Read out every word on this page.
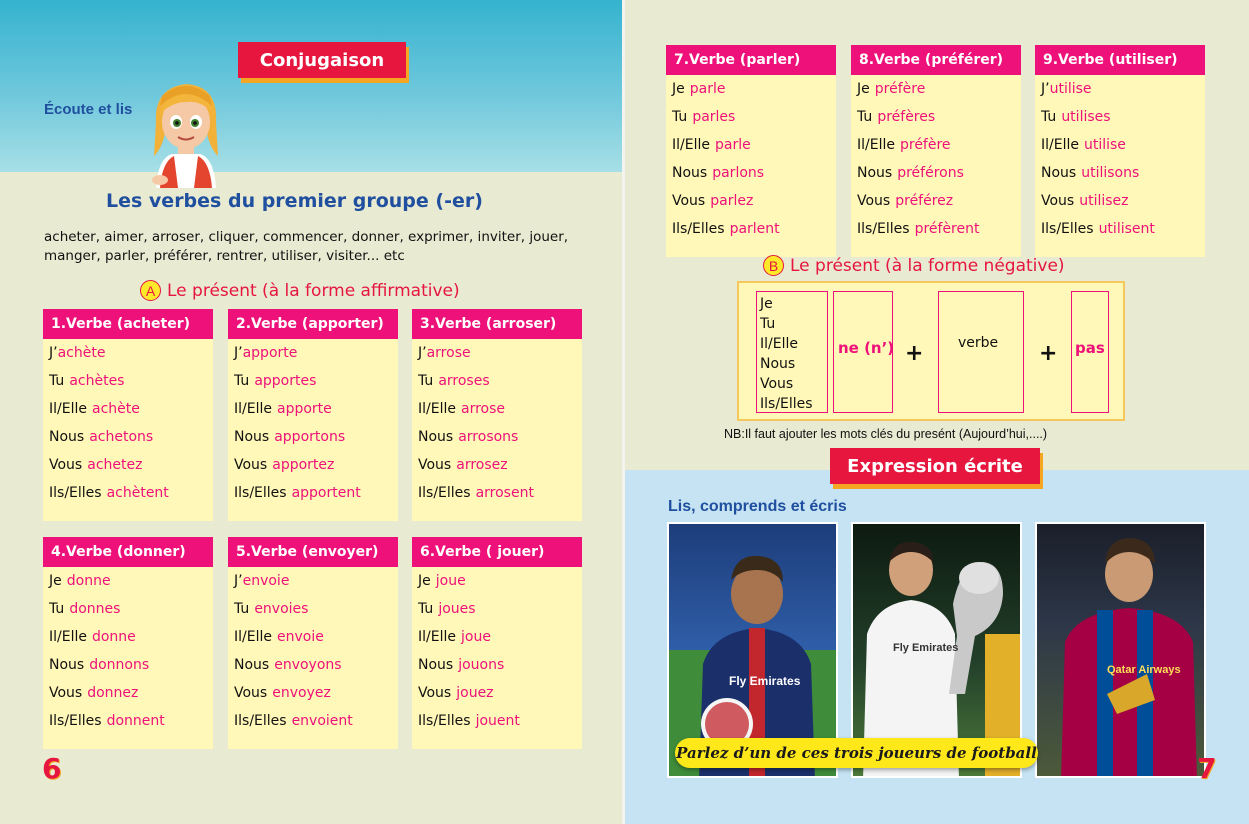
Conjugaison
Écoute et lis
Les verbes du premier groupe (-er)
acheter, aimer, arroser, cliquer, commencer, donner, exprimer, inviter, jouer, manger, parler, préférer, rentrer, utiliser, visiter... etc
A Le présent (à la forme affirmative)
1.Verbe (acheter)
J’ achète
Tu achètes
Il/Elle achète
Nous achetons
Vous achetez
Ils/Elles achètent
2.Verbe (apporter)
J’ apporte
Tu apportes
Il/Elle apporte
Nous apportons
Vous apportez
Ils/Elles apportent
3.Verbe (arroser)
J’ arrose
Tu arroses
Il/Elle arrose
Nous arrosons
Vous arrosez
Ils/Elles arrosent
4.Verbe (donner)
Je donne
Tu donnes
Il/Elle donne
Nous donnons
Vous donnez
Ils/Elles donnent
5.Verbe (envoyer)
J’ envoie
Tu envoies
Il/Elle envoie
Nous envoyons
Vous envoyez
Ils/Elles envoient
6.Verbe ( jouer)
Je joue
Tu joues
Il/Elle joue
Nous jouons
Vous jouez
Ils/Elles jouent
6
7.Verbe (parler)
Je parle
Tu parles
Il/Elle parle
Nous parlons
Vous parlez
Ils/Elles parlent
8.Verbe (préférer)
Je préfère
Tu préfères
Il/Elle préfère
Nous préférons
Vous préférez
Ils/Elles préfèrent
9.Verbe (utiliser)
J’ utilise
Tu utilises
Il/Elle utilise
Nous utilisons
Vous utilisez
Ils/Elles utilisent
B Le présent (à la forme négative)
Je
Tu
Il/Elle
Nous
Vous
Ils/Elles
ne (n’) + verbe + pas
NB:Il faut ajouter les mots clés du presént (Aujourd’hui,....)
Expression écrite
Lis, comprends et écris
Fly Emirates
Fly Emirates
Qatar Airways
Parlez d’un de ces trois joueurs de football	7
